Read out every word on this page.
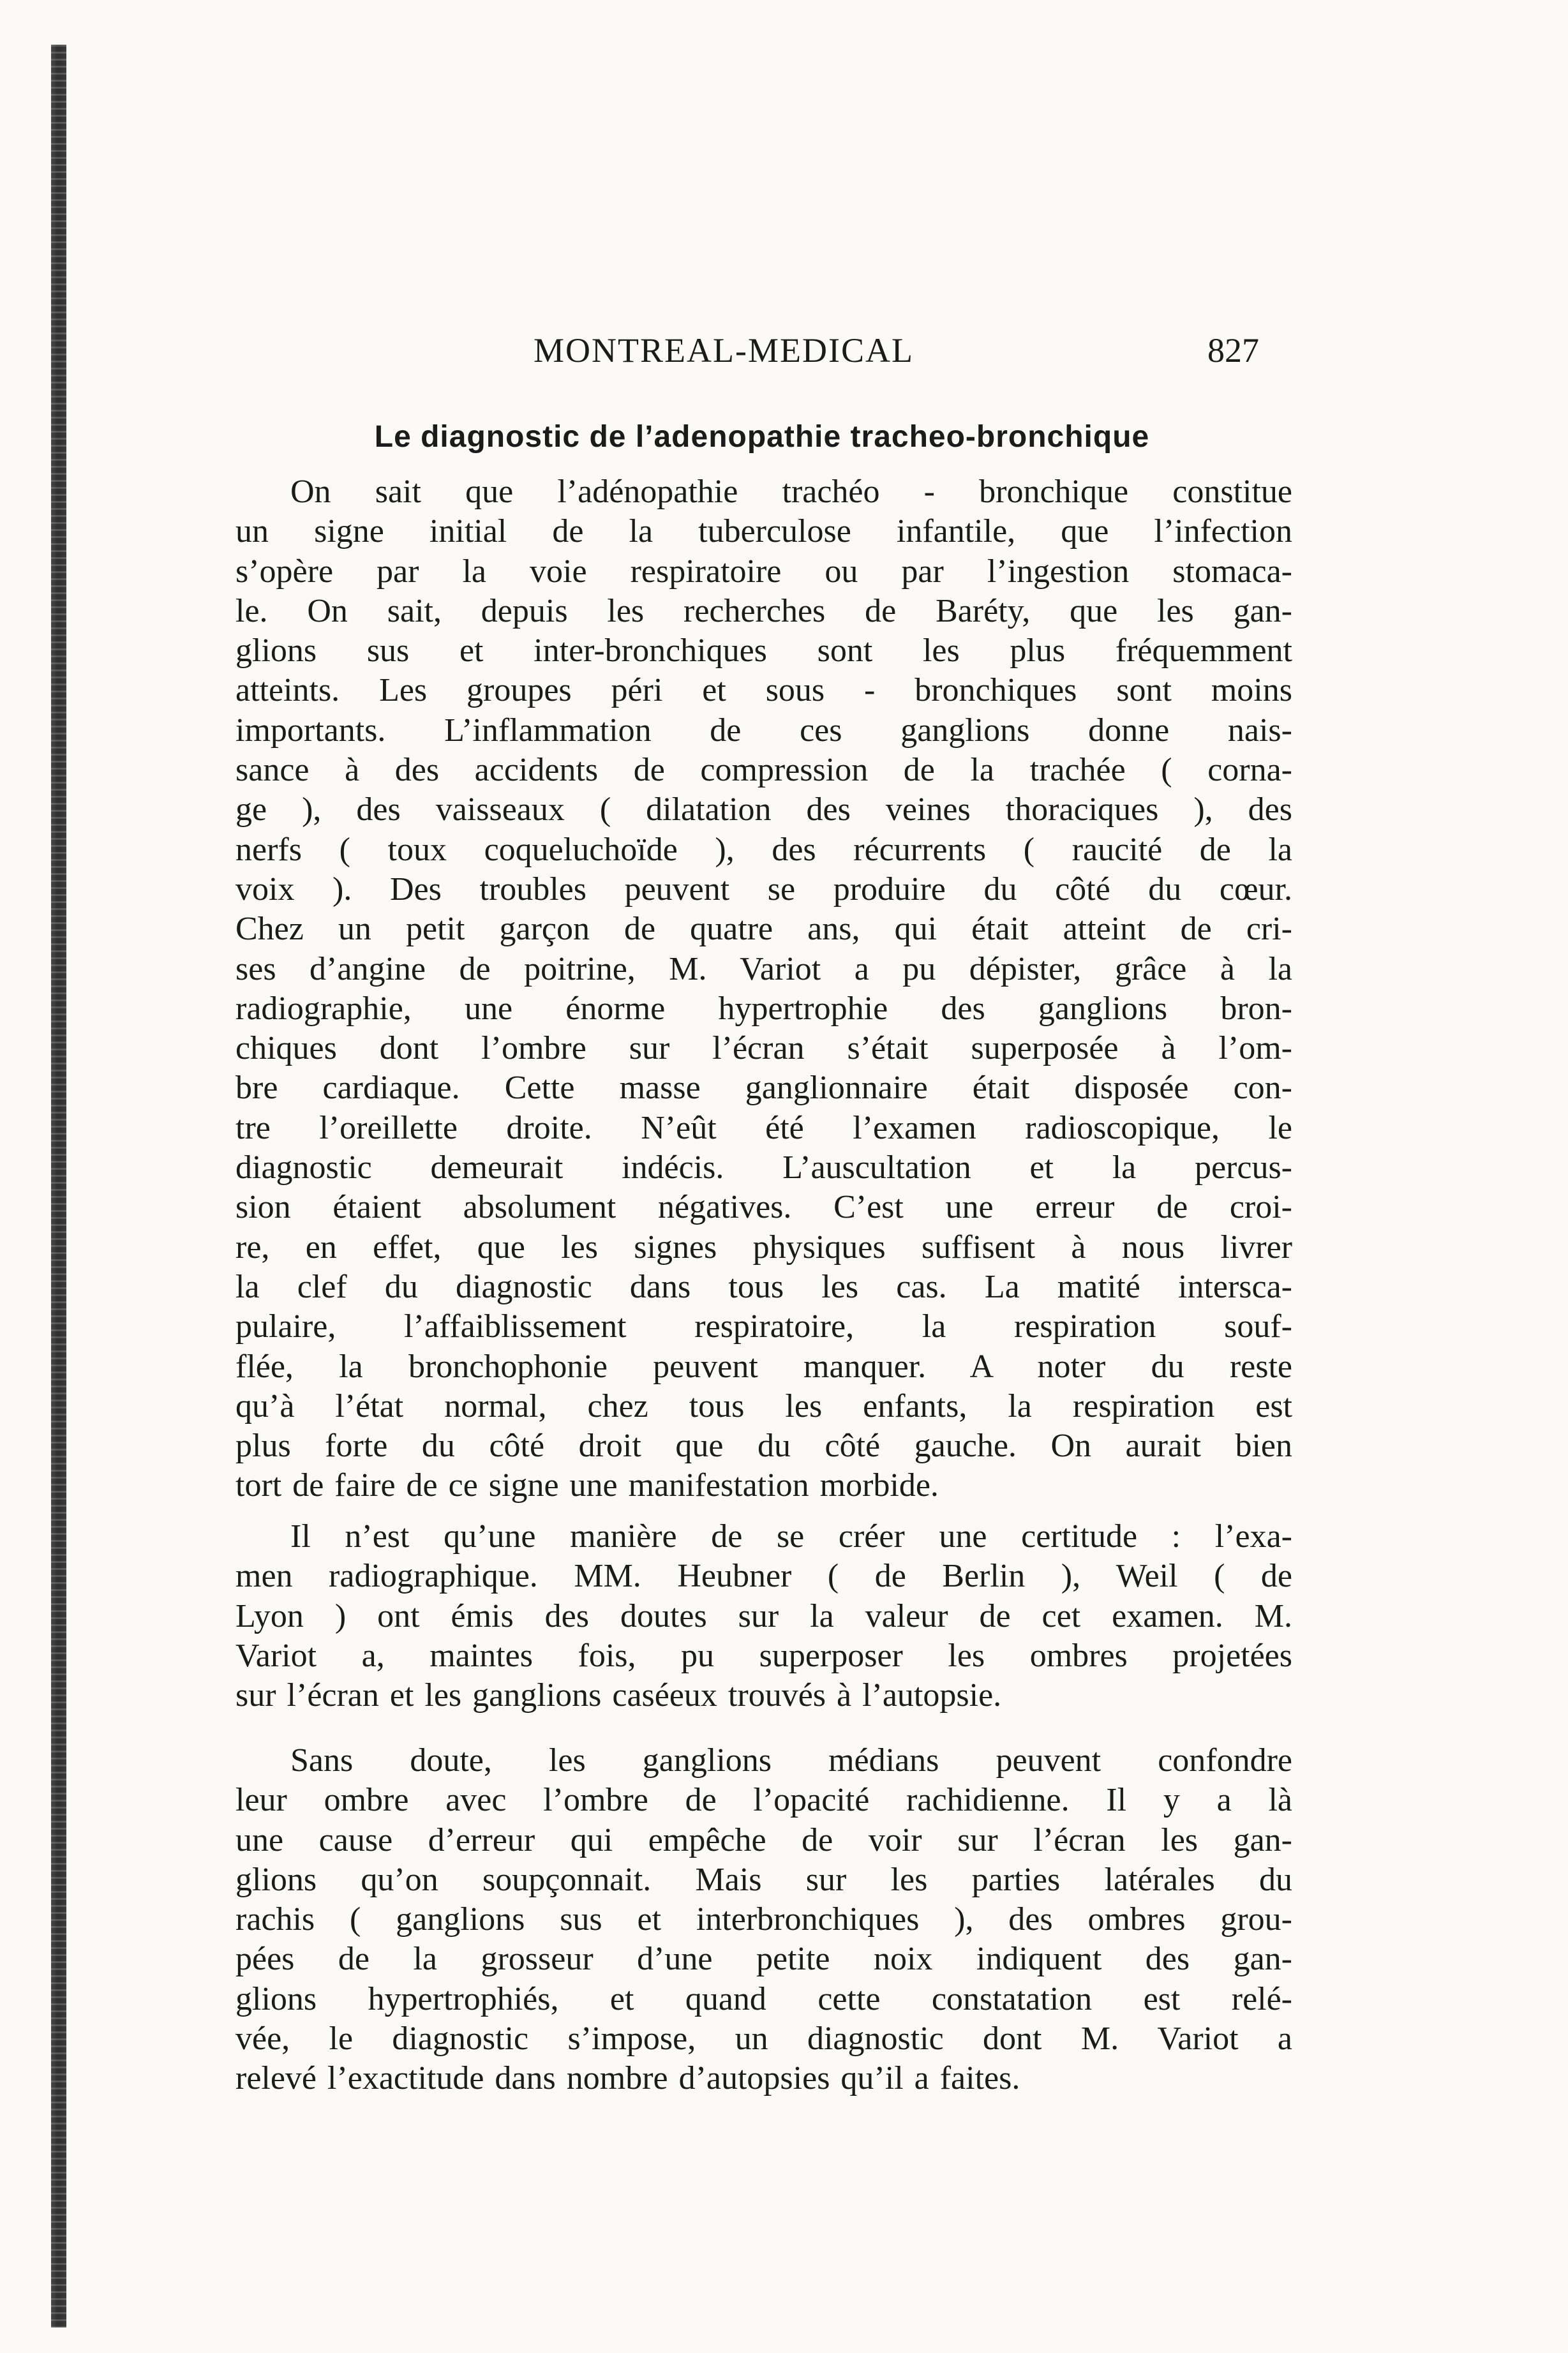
MONTREAL-MEDICAL	827
Le diagnostic de l’adenopathie tracheo-bronchique
On sait que l’adénopathie trachéo - bronchique constitue
un signe initial de la tuberculose infantile, que l’infection
s’opère par la voie respiratoire ou par l’ingestion stomaca-
le. On sait, depuis les recherches de Baréty, que les gan-
glions sus et inter-bronchiques sont les plus fréquemment
atteints. Les groupes péri et sous - bronchiques sont moins
importants. L’inflammation de ces ganglions donne nais-
sance à des accidents de compression de la trachée ( corna-
ge ), des vaisseaux ( dilatation des veines thoraciques ), des
nerfs ( toux coqueluchoïde ), des récurrents ( raucité de la
voix ). Des troubles peuvent se produire du côté du cœur.
Chez un petit garçon de quatre ans, qui était atteint de cri-
ses d’angine de poitrine, M. Variot a pu dépister, grâce à la
radiographie, une énorme hypertrophie des ganglions bron-
chiques dont l’ombre sur l’écran s’était superposée à l’om-
bre cardiaque. Cette masse ganglionnaire était disposée con-
tre l’oreillette droite. N’eût été l’examen radioscopique, le
diagnostic demeurait indécis. L’auscultation et la percus-
sion étaient absolument négatives. C’est une erreur de croi-
re, en effet, que les signes physiques suffisent à nous livrer
la clef du diagnostic dans tous les cas. La matité intersca-
pulaire, l’affaiblissement respiratoire, la respiration souf-
flée, la bronchophonie peuvent manquer. A noter du reste
qu’à l’état normal, chez tous les enfants, la respiration est
plus forte du côté droit que du côté gauche. On aurait bien
tort de faire de ce signe une manifestation morbide.
Il n’est qu’une manière de se créer une certitude : l’exa-
men radiographique. MM. Heubner ( de Berlin ), Weil ( de
Lyon ) ont émis des doutes sur la valeur de cet examen. M.
Variot a, maintes fois, pu superposer les ombres projetées
sur l’écran et les ganglions caséeux trouvés à l’autopsie.
Sans doute, les ganglions médians peuvent confondre
leur ombre avec l’ombre de l’opacité rachidienne. Il y a là
une cause d’erreur qui empêche de voir sur l’écran les gan-
glions qu’on soupçonnait. Mais sur les parties latérales du
rachis ( ganglions sus et interbronchiques ), des ombres grou-
pées de la grosseur d’une petite noix indiquent des gan-
glions hypertrophiés, et quand cette constatation est relé-
vée, le diagnostic s’impose, un diagnostic dont M. Variot a
relevé l’exactitude dans nombre d’autopsies qu’il a faites.
